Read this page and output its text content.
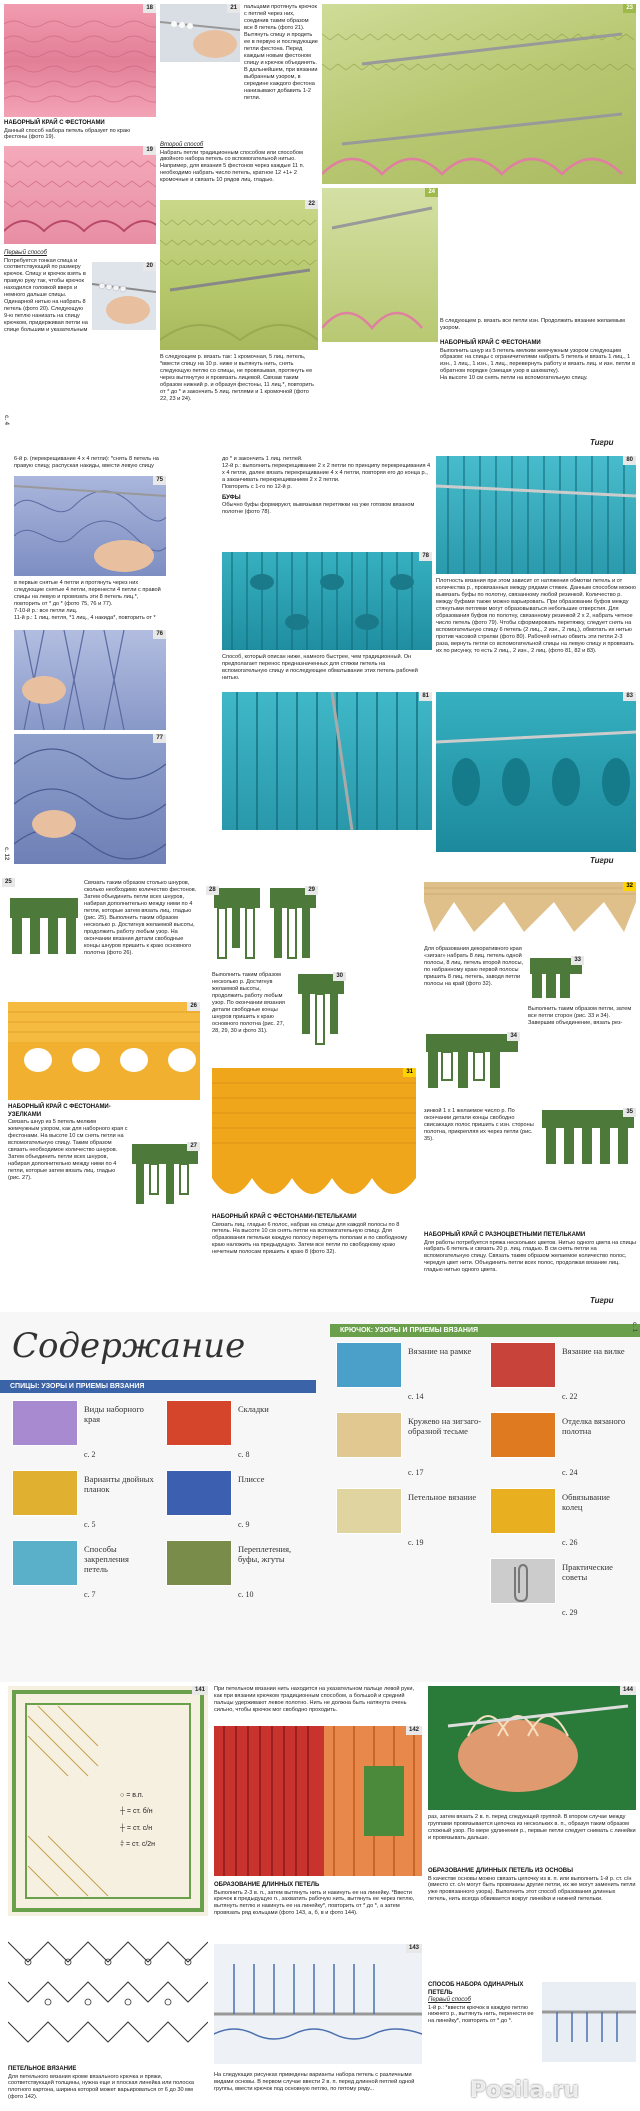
18
НАБОРНЫЙ КРАЙ С ФЕСТОНАМИ
Данный способ набора петель образует по краю фестоны (фото 19).
19
Первый способ
Потребуется тонкая спица и соответствующий по размеру крючок. Спицу и крючок взять в правую руку так, чтобы крючок находился головкой вверх и немного дальше спицы. Одинарной нитью на набрать 8 петель (фото 20). Следующую 9-ю петлю нанизать на спицу крючком, придерживая петли на спице большим и указательным
20
с. 4
21	пальцами протянуть крючок с петлей через них, соединив таким образом все 8 петель (фото 21). Вытянуть спицу и продеть ее в первую и последующие петли фестона. Перед каждым новым фестоном спицу и крючок объединять. В дальнейшем, при вязании выбранным узором, в середине каждого фестона нанизывают добавить 1-2 петли.
Второй способ
Набрать петли традиционным способом или способом двойного набора петель со вспомогательной нитью. Например, для вязания 5 фестонов через каждые 11 п. необходимо набрать число петель, кратное 12 +1+ 2 кромочные и связать 10 рядов лиц. гладью.
22
В следующем р. вязать так: 1 кромочная, 5 лиц. петель, *ввести спицу на 10 р. ниже и вытянуть нить, снять следующую петлю со спицы, не провязывая, протянуть ее через вытянутую и провязать лицевой. Связав таким образом нижний р. и образуя фестоны, 11 лиц.*, повторить от * до * и закончить 5 лиц. петлями и 1 кромочной (фото 22, 23 и 24).
23
В следующем р. вязать все петли изн. Продолжить вязание желаемым узором.
НАБОРНЫЙ КРАЙ С ФЕСТОНАМИ
Выполнить шнур из 5 петель мелким жемчужным узором следующим образом: на спицы с ограничителями набрать 5 петель и вязать 1 лиц., 1 изн., 1 лиц., 1 изн., 1 лиц., перевернуть работу и вязать лиц. и изн. петли в обратном порядке (смещая узор в шахматку).
На высоте 10 см снять петли на вспомогательную спицу.
24
Тигри
6-й р. (перекрещивание 4 х 4 петли): *снять 8 петель на правую спицу, распуская накиды, ввести левую спицу
75
в первые снятые 4 петли и протянуть через них следующие снятые 4 петли, перенести 4 петли с правой спицы на левую и провязать эти 8 петель лиц.*, повторить от * до * (фото 75, 76 и 77).
7-10-й р.: все петли лиц.
11-й р.: 1 лиц. петля, *1 лиц., 4 накида*, повторить от *
76
77
с. 12
до * и закончить 1 лиц. петлей.
12-й р.: выполнить перекрещивание 2 х 2 петли по принципу перекрещивания 4 х 4 петли, далее вязать перекрещивание 4 х 4 петли, повторяя его до конца р., а заканчивать перекрещиванием 2 х 2 петли.
Повторить с 1-го по 12-й р.
БУФЫ
Обычно буфы формируют, вывязывая перетяжки на уже готовом вязаном полотне (фото 78).
78
Способ, который описан ниже, намного быстрее, чем традиционный. Он предполагает перенос предназначенных для стяжки петель на вспомогательную спицу и последующее обматывание этих петель рабочей нитью.
81
80
Плотность вязания при этом зависит от натяжения обмотки петель и от количества р., провязанных между рядами стяжек. Данным способом можно вывязать буфы по полотну, связанному любой резинкой. Количество р. между буфами также можно варьировать. При образовании буфов между стянутыми петлями могут образовываться небольшие отверстия. Для образования буфов по полотну, связанному резинкой 2 х 2, набрать четное число петель (фото 79). Чтобы сформировать перетяжку, следует снять на вспомогательную спицу 6 петель (2 лиц., 2 изн., 2 лиц.), обмотать их нитью против часовой стрелки (фото 80). Рабочей нитью обвить эти петли 2-3 раза, вернуть петли со вспомогательной спицы на левую спицу и провязать их по рисунку, то есть 2 лиц., 2 изн., 2 лиц. (фото 81, 82 и 83).
83
Тигри
25	Связать таким образом столько шнуров, сколько необходимо количество фестонов. Затем объединить петли всех шнуров, набирая дополнительно между ними по 4 петли, которые затем вязать лиц. гладью (рис. 25). Выполнить таким образом несколько р. Достигнув желаемой высоты, продолжить работу любым узор. На окончании вязания детали свободные концы шнуров пришить к краю основного полотна (фото 26).
26
НАБОРНЫЙ КРАЙ С ФЕСТОНАМИ-УЗЕЛКАМИ
Связать шнур из 5 петель мелким жемчужным узором, как для наборного края с фестонами. На высоте 10 см снять петли на вспомогательную спицу. Таким образом связать необходимое количество шнуров. Затем объединить петли всех шнуров, набирая дополнительно между ними по 4 петли, которые затем вязать лиц. гладью (рис. 27).
27
28	29
Выполнить таким образом несколько р. Достигнув желаемой высоты, продолжить работу любым узор. По окончании вязания детали свободные концы шнуров пришить к краю основного полотна (рис. 27, 28, 29, 30 и фото 31).
30
31
НАБОРНЫЙ КРАЙ С ФЕСТОНАМИ-ПЕТЕЛЬКАМИ
Связать лиц. гладью 6 полос, набрав на спицы для каждой полосы по 8 петель. На высоте 10 см снять петли на вспомогательную спицу. Для образования петельки каждую полосу перегнуть пополам и по свободному краю наложить на предыдущую. Затем все петли по свободному краю нечетным полосам пришить к краю 8 (фото 32).
32
Для образования декоративного края «зигзаг» набрать 8 лиц. петель одной полосы, 8 лиц. петель второй полосы, по набранному краю первой полосы пришить 8 лиц. петель, заводя петли полосы на край (фото 32).
33
Выполнить таким образом петли, затем все петли сторон (рис. 33 и 34). Завершив объединение, вязать рез-
34
зинкой 1 х 1 желаемое число р. По окончании детали концы свободно свисающих полос пришить с изн. стороны полотна, прикрепляя их через петли (рис. 35).
35
НАБОРНЫЙ КРАЙ С РАЗНОЦВЕТНЫМИ ПЕТЕЛЬКАМИ
Для работы потребуется пряжа нескольких цветов. Нитью одного цвета на спицы набрать 6 петель и связать 20 р. лиц. гладью. В см снять петли на вспомогательную спицу. Связать таким образом желаемое количество полос, чередуя цвет нити. Объединить петли всех полос, продолжая вязание лиц. гладью нитью одного цвета.
Тигри
Содержание
СПИЦЫ: УЗОРЫ И ПРИЕМЫ ВЯЗАНИЯ
КРЮЧОК: УЗОРЫ И ПРИЕМЫ ВЯЗАНИЯ
Виды наборного края
с. 2
Складки
с. 8
Варианты двойных планок
с. 5
Плиссе
с. 9
Способы закрепления петель
с. 7
Переплетения, буфы, жгуты
с. 10
Вязание на рамке
с. 14
Вязание на вилке
с. 22
Кружево на зигзаго-образной тесьме
с. 17
Отделка вязаного полотна
с. 24
Петельное вязание
с. 19
Обвязывание колец
с. 26
Практические советы
с. 29
с. 1
141
○ = в.п.
┼ = ст. б/н
┼ = ст. с/н
⫩ = ст. с/2н
ПЕТЕЛЬНОЕ ВЯЗАНИЕ
Для петельного вязания кроме вязального крючка и пряжи, соответствующей толщины, нужна еще и плоская линейка или полоска плотного картона, ширина которой может варьироваться от 6 до 30 мм (фото 142).
При петельном вязании нить находится на указательном пальце левой руки, как при вязании крючком традиционным способом, а большой и средний пальцы удерживают левое полотно. Нить не должна быть натянута очень сильно, чтобы крючок мог свободно проходить.
142
ОБРАЗОВАНИЕ ДЛИННЫХ ПЕТЕЛЬ
Выполнить 2-3 в. п., затем вытянуть нить и накинуть ее на линейку. *Ввести крючок в предыдущую п., захватить рабочую нить, вытянуть ее через петлю, вытянуть петлю и накинуть ее на линейку*, повторить от * до *, а затем провязать ряд кольцами (фото 143, а, б, в и фото 144).
143
На следующих рисунках приведены варианты набора петель с различными видами основы. В первом случае ввести 2 в. п. перед длинной петлей одной группы, ввести крючок под основную петлю, по пятому ряду...
144
раз, затем вязать 2 в. п. перед следующей группой. В втором случае между группами провязывается цепочка из нескольких в. п., образуя таким образом сложный узор. По мере удлинения р., первые петли следует снимать с линейки и провязывать дальше.
ОБРАЗОВАНИЕ ДЛИННЫХ ПЕТЕЛЬ ИЗ ОСНОВЫ
В качестве основы можно связать цепочку из в. п. или выполнить 1-й р. ст. с/н (вместо ст. с/н могут быть провязаны другие петли, их же могут заменить петли уже провязанного узора). Выполнить этот способ образования длинных петель, нить всегда обвивается вокруг линейки и нижней петельки.
СПОСОБ НАБОРА ОДИНАРНЫХ ПЕТЕЛЬ
Первый способ
1-й р.: *ввести крючок в каждую петлю нижнего р., вытянуть нить, перенести ее на линейку*, повторить от * до *.
Posila.ru
